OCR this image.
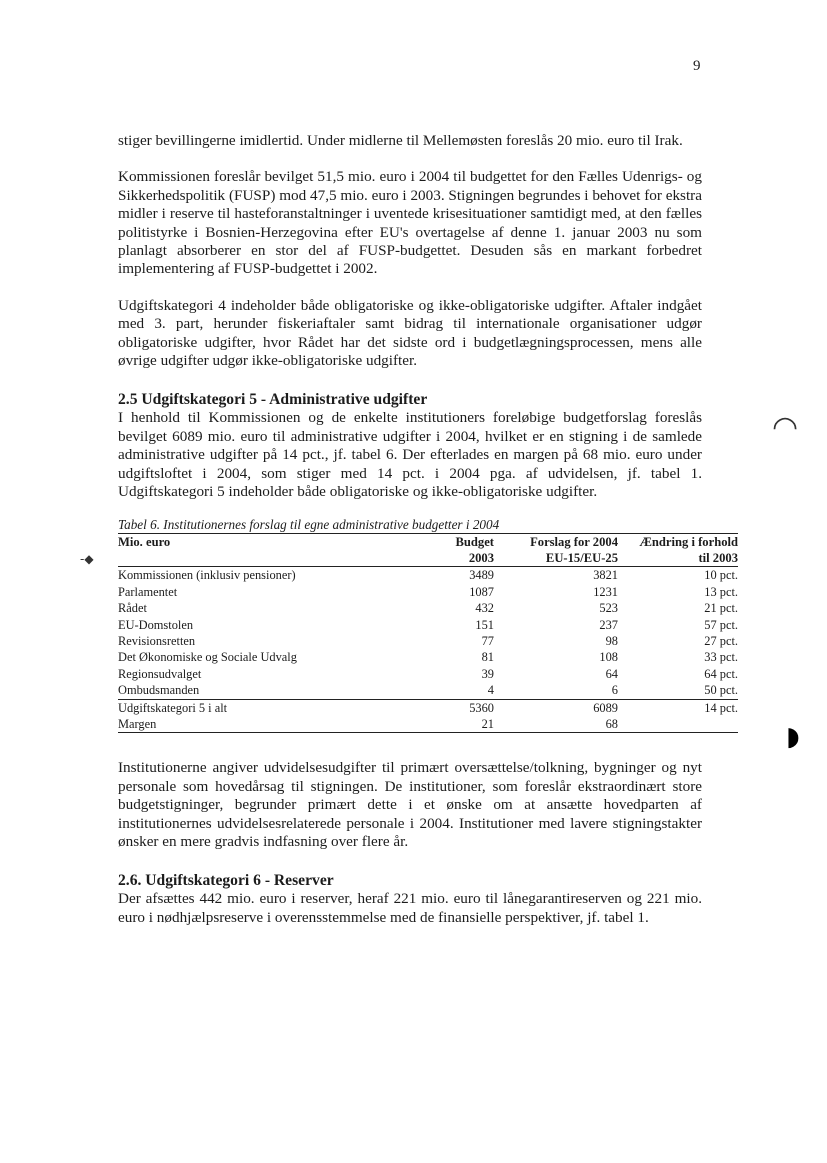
9
◠
◗
‑◆

stiger bevillingerne imidlertid. Under midlerne til Mellemøsten foreslås 20 mio. euro til Irak.

Kommissionen foreslår bevilget 51,5 mio. euro i 2004 til budgettet for den Fælles Udenrigs- og Sikkerhedspolitik (FUSP) mod 47,5 mio. euro i 2003. Stigningen begrundes i behovet for ekstra midler i reserve til hasteforanstaltninger i uventede krisesituationer samtidigt med, at den fælles politistyrke i Bosnien-Herzegovina efter EU's overtagelse af denne 1. januar 2003 nu som planlagt absorberer en stor del af FUSP-budgettet. Desuden sås en markant forbedret implementering af FUSP-budgettet i 2002.

Udgiftskategori 4 indeholder både obligatoriske og ikke-obligatoriske udgifter. Aftaler indgået med 3. part, herunder fiskeriaftaler samt bidrag til internationale organisationer udgør obligatoriske udgifter, hvor Rådet har det sidste ord i budgetlægningsprocessen, mens alle øvrige udgifter udgør ikke-obligatoriske udgifter.

2.5 Udgiftskategori 5 - Administrative udgifter

I henhold til Kommissionen og de enkelte institutioners foreløbige budgetforslag foreslås bevilget 6089 mio. euro til administrative udgifter i 2004, hvilket er en stigning i de samlede administrative udgifter på 14 pct., jf. tabel 6. Der efterlades en margen på 68 mio. euro under udgiftsloftet i 2004, som stiger med 14 pct. i 2004 pga. af udvidelsen, jf. tabel 1. Udgiftskategori 5 indeholder både obligatoriske og ikke-obligatoriske udgifter.

Tabel 6. Institutionernes forslag til egne administrative budgetter i 2004

Mio. euro	Budget	Forslag for 2004	Ændring i forhold
	2003	EU-15/EU-25	til 2003
Kommissionen (inklusiv pensioner)	3489	3821	10 pct.
Parlamentet	1087	1231	13 pct.
Rådet	432	523	21 pct.
EU-Domstolen	151	237	57 pct.
Revisionsretten	77	98	27 pct.
Det Økonomiske og Sociale Udvalg	81	108	33 pct.
Regionsudvalget	39	64	64 pct.
Ombudsmanden	4	6	50 pct.
Udgiftskategori 5 i alt	5360	6089	14 pct.
Margen	21	68	

Institutionerne angiver udvidelsesudgifter til primært oversættelse/tolkning, bygninger og nyt personale som hovedårsag til stigningen. De institutioner, som foreslår ekstraordinært store budgetstigninger, begrunder primært dette i et ønske om at ansætte hovedparten af institutionernes udvidelsesrelaterede personale i 2004. Institutioner med lavere stigningstakter ønsker en mere gradvis indfasning over flere år.

2.6. Udgiftskategori 6 - Reserver

Der afsættes 442 mio. euro i reserver, heraf 221 mio. euro til lånegarantireserven og 221 mio. euro i nødhjælpsreserve i overensstemmelse med de finansielle perspektiver, jf. tabel 1.
